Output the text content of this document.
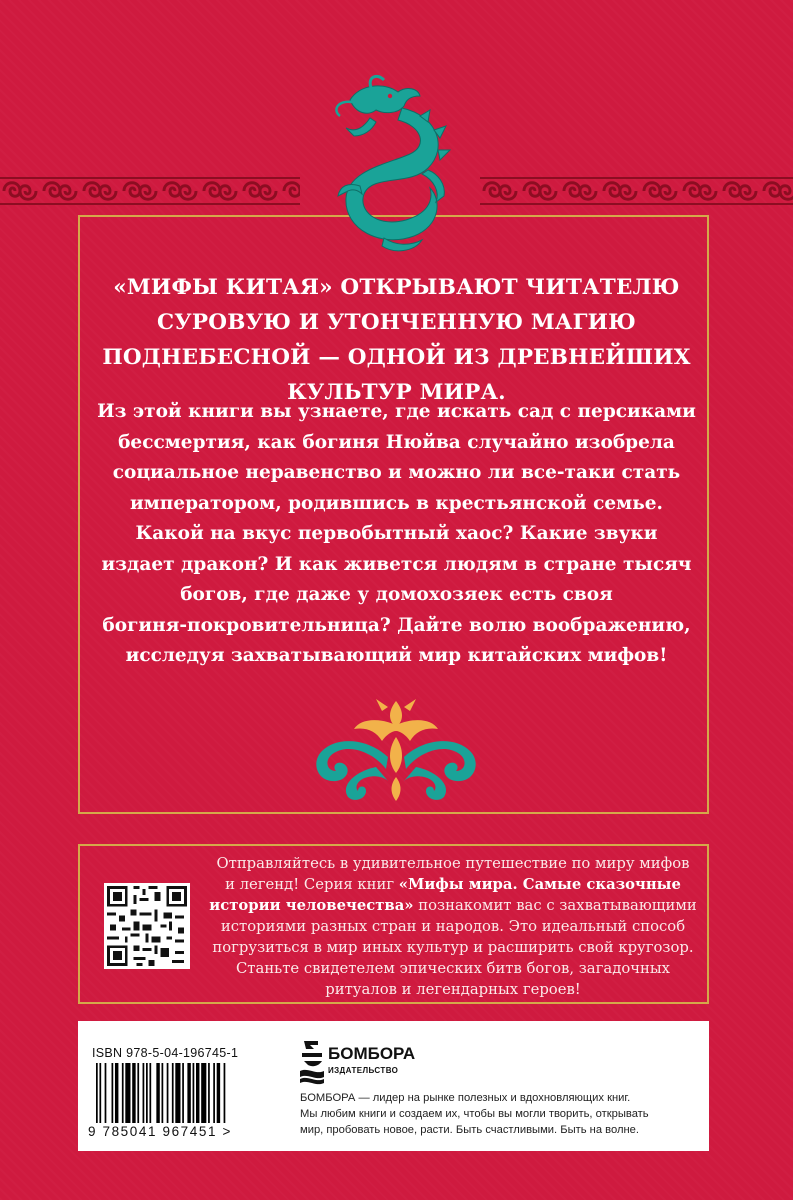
«МИФЫ КИТАЯ» ОТКРЫВАЮТ ЧИТАТЕЛЮ
СУРОВУЮ И УТОНЧЕННУЮ МАГИЮ
ПОДНЕБЕСНОЙ — ОДНОЙ ИЗ ДРЕВНЕЙШИХ
КУЛЬТУР МИРА.
Из этой книги вы узнаете, где искать сад с персиками
бессмертия, как богиня Нюйва случайно изобрела
социальное неравенство и можно ли все-таки стать
императором, родившись в крестьянской семье.
Какой на вкус первобытный хаос? Какие звуки
издает дракон? И как живется людям в стране тысяч
богов, где даже у домохозяек есть своя
богиня-покровительница? Дайте волю воображению,
исследуя захватывающий мир китайских мифов!
Отправляйтесь в удивительное путешествие по миру мифов
и легенд! Серия книг «Мифы мира. Самые сказочные
истории человечества» познакомит вас с захватывающими
историями разных стран и народов. Это идеальный способ
погрузиться в мир иных культур и расширить свой кругозор.
Станьте свидетелем эпических битв богов, загадочных
ритуалов и легендарных героев!
ISBN 978-5-04-196745-1
9 785041 967451 >
БОМБОРА
ИЗДАТЕЛЬСТВО
БОМБОРА — лидер на рынке полезных и вдохновляющих книг.
Мы любим книги и создаем их, чтобы вы могли творить, открывать
мир, пробовать новое, расти. Быть счастливыми. Быть на волне.
